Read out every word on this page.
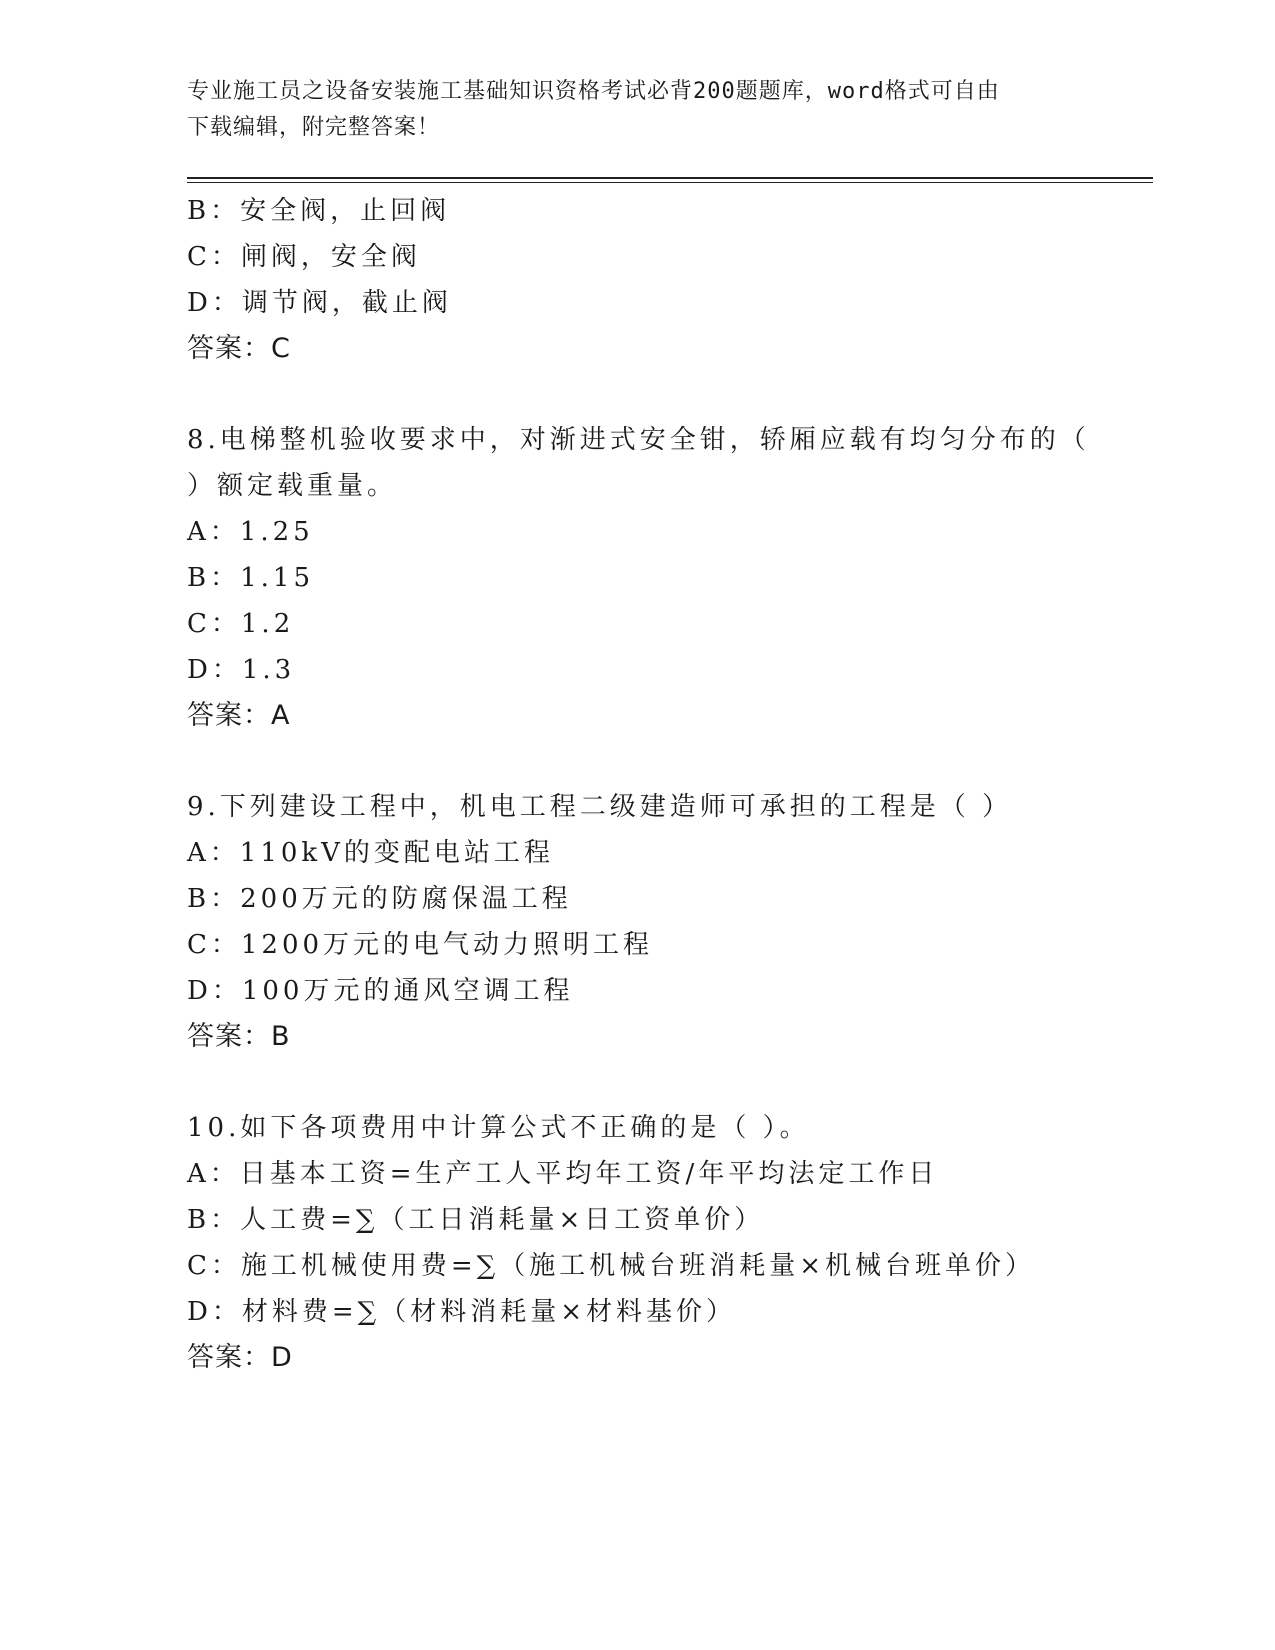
专业施工员之设备安装施工基础知识资格考试必背200题题库，word格式可自由
下载编辑，附完整答案！
B：安全阀，止回阀
C：闸阀，安全阀
D：调节阀，截止阀
答案：C
8.电梯整机验收要求中，对渐进式安全钳，轿厢应载有均匀分布的（
）额定载重量。
A：1.25
B：1.15
C：1.2
D：1.3
答案：A
9.下列建设工程中，机电工程二级建造师可承担的工程是（ ）
A：110kV的变配电站工程
B：200万元的防腐保温工程
C：1200万元的电气动力照明工程
D：100万元的通风空调工程
答案：B
10.如下各项费用中计算公式不正确的是（ ）。
A：日基本工资=生产工人平均年工资/年平均法定工作日
B：人工费=∑（工日消耗量×日工资单价）
C：施工机械使用费=∑（施工机械台班消耗量×机械台班单价）
D：材料费=∑（材料消耗量×材料基价）
答案：D
